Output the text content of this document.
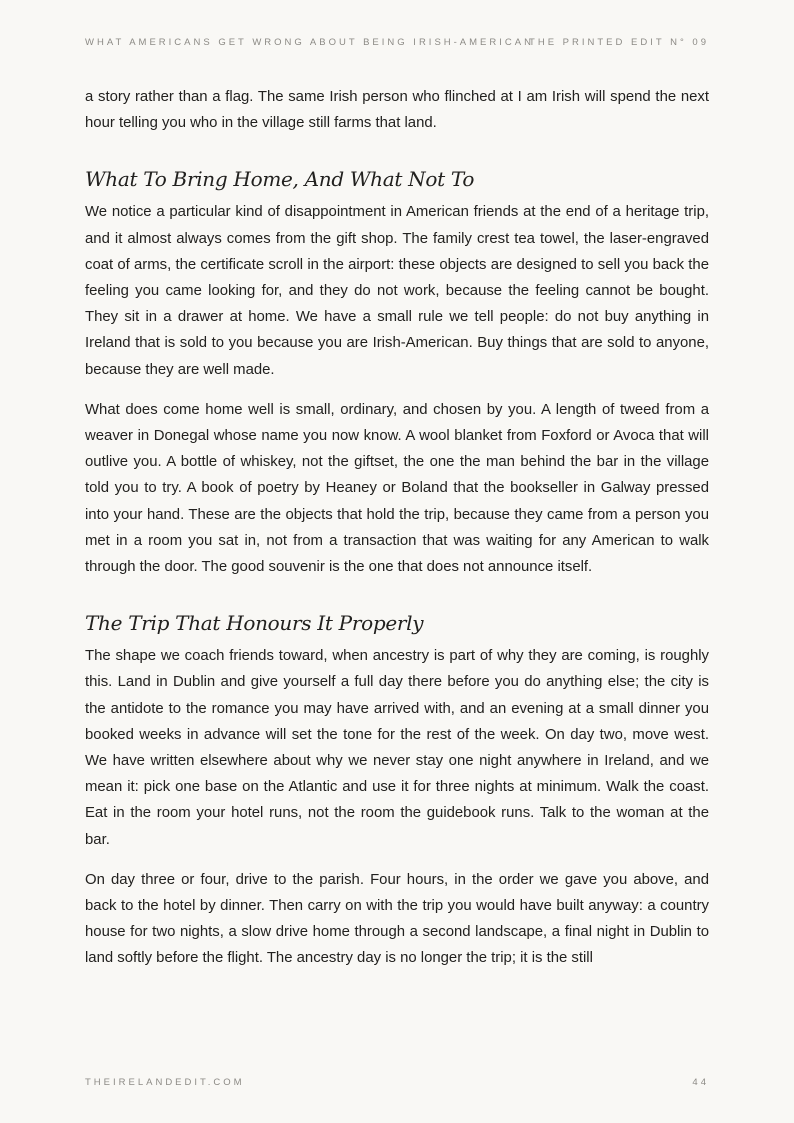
WHAT AMERICANS GET WRONG ABOUT BEING IRISH-AMERICAN
THE PRINTED EDIT N° 09

a story rather than a flag. The same Irish person who flinched at I am Irish will spend the next hour telling you who in the village still farms that land.

What To Bring Home, And What Not To

We notice a particular kind of disappointment in American friends at the end of a heritage trip, and it almost always comes from the gift shop. The family crest tea towel, the laser-engraved coat of arms, the certificate scroll in the airport: these objects are designed to sell you back the feeling you came looking for, and they do not work, because the feeling cannot be bought. They sit in a drawer at home. We have a small rule we tell people: do not buy anything in Ireland that is sold to you because you are Irish-American. Buy things that are sold to anyone, because they are well made.

What does come home well is small, ordinary, and chosen by you. A length of tweed from a weaver in Donegal whose name you now know. A wool blanket from Foxford or Avoca that will outlive you. A bottle of whiskey, not the giftset, the one the man behind the bar in the village told you to try. A book of poetry by Heaney or Boland that the bookseller in Galway pressed into your hand. These are the objects that hold the trip, because they came from a person you met in a room you sat in, not from a transaction that was waiting for any American to walk through the door. The good souvenir is the one that does not announce itself.

The Trip That Honours It Properly

The shape we coach friends toward, when ancestry is part of why they are coming, is roughly this. Land in Dublin and give yourself a full day there before you do anything else; the city is the antidote to the romance you may have arrived with, and an evening at a small dinner you booked weeks in advance will set the tone for the rest of the week. On day two, move west. We have written elsewhere about why we never stay one night anywhere in Ireland, and we mean it: pick one base on the Atlantic and use it for three nights at minimum. Walk the coast. Eat in the room your hotel runs, not the room the guidebook runs. Talk to the woman at the bar.

On day three or four, drive to the parish. Four hours, in the order we gave you above, and back to the hotel by dinner. Then carry on with the trip you would have built anyway: a country house for two nights, a slow drive home through a second landscape, a final night in Dublin to land softly before the flight. The ancestry day is no longer the trip; it is the still

THEIRELANDEDIT.COM	44
